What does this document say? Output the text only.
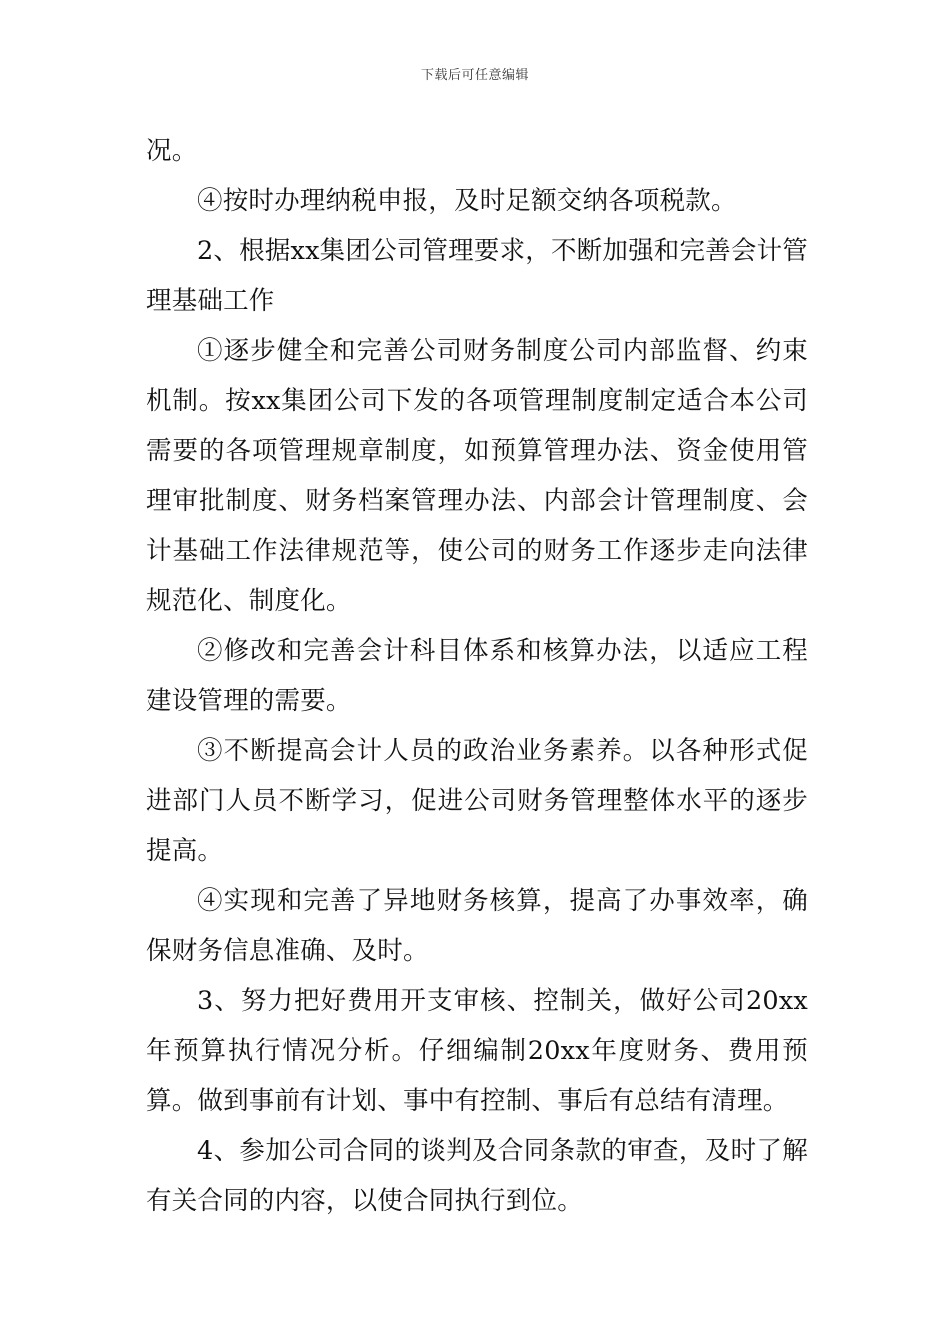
下载后可任意编辑

况。

④按时办理纳税申报，及时足额交纳各项税款。

2、根据xx集团公司管理要求，不断加强和完善会计管理基础工作

①逐步健全和完善公司财务制度公司内部监督、约束机制。按xx集团公司下发的各项管理制度制定适合本公司需要的各项管理规章制度，如预算管理办法、资金使用管理审批制度、财务档案管理办法、内部会计管理制度、会计基础工作法律规范等，使公司的财务工作逐步走向法律规范化、制度化。

②修改和完善会计科目体系和核算办法，以适应工程建设管理的需要。

③不断提高会计人员的政治业务素养。以各种形式促进部门人员不断学习，促进公司财务管理整体水平的逐步提高。

④实现和完善了异地财务核算，提高了办事效率，确保财务信息准确、及时。

3、努力把好费用开支审核、控制关，做好公司20xx年预算执行情况分析。仔细编制20xx年度财务、费用预算。做到事前有计划、事中有控制、事后有总结有清理。

4、参加公司合同的谈判及合同条款的审查，及时了解有关合同的内容，以使合同执行到位。
